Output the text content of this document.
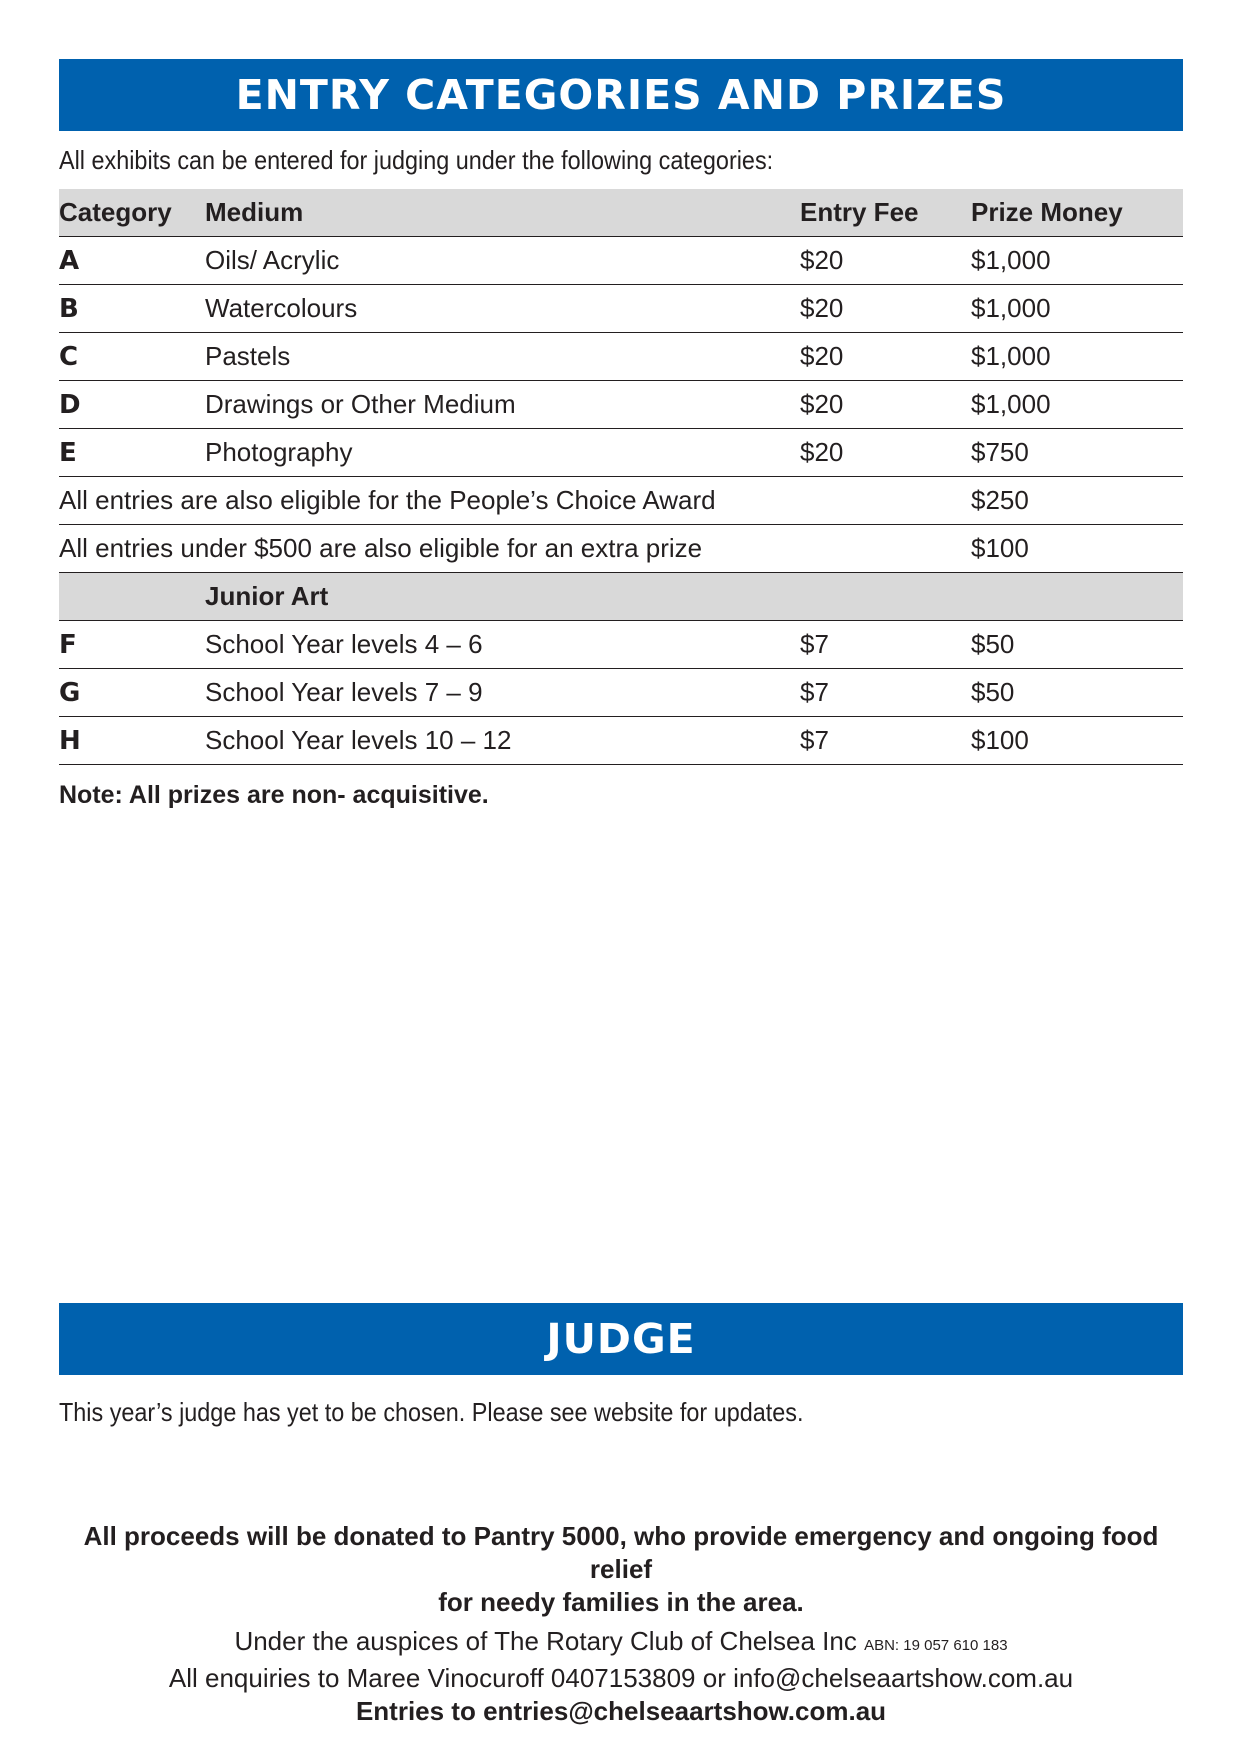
ENTRY CATEGORIES AND PRIZES
All exhibits can be entered for judging under the following categories:
Category	Medium	Entry Fee	Prize Money
A	Oils/ Acrylic	$20	$1,000
B	Watercolours	$20	$1,000
C	Pastels	$20	$1,000
D	Drawings or Other Medium	$20	$1,000
E	Photography	$20	$750
All entries are also eligible for the People’s Choice Award			$250
All entries under $500 are also eligible for an extra prize			$100
	Junior Art		
F	School Year levels 4 – 6	$7	$50
G	School Year levels 7 – 9	$7	$50
H	School Year levels 10 – 12	$7	$100
Note: All prizes are non- acquisitive.
JUDGE
This year’s judge has yet to be chosen. Please see website for updates.
All proceeds will be donated to Pantry 5000, who provide emergency and ongoing food relief
for needy families in the area.
Under the auspices of The Rotary Club of Chelsea Inc ABN: 19 057 610 183
All enquiries to Maree Vinocuroff 0407153809 or info@chelseaartshow.com.au
Entries to entries@chelseaartshow.com.au
